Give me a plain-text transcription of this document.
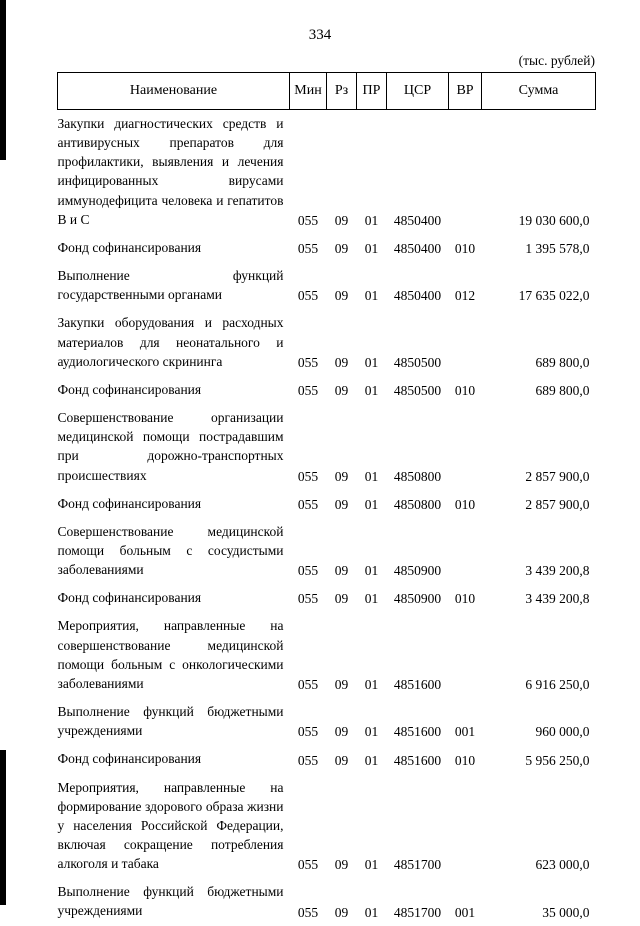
334
(тыс. рублей)
Наименование	Мин	Рз	ПР	ЦСР	ВР	Сумма
Закупки диагностических средств и антивирусных препаратов для профилактики, выявления и лечения инфицированных вирусами иммунодефицита человека и гепатитов В и С	055	09	01	4850400		19 030 600,0
Фонд софинансирования	055	09	01	4850400	010	1 395 578,0
Выполнение функций государственными органами	055	09	01	4850400	012	17 635 022,0
Закупки оборудования и расходных материалов для неонатального и аудиологического скрининга	055	09	01	4850500		689 800,0
Фонд софинансирования	055	09	01	4850500	010	689 800,0
Совершенствование организации медицинской помощи пострадавшим при дорожно-транспортных происшествиях	055	09	01	4850800		2 857 900,0
Фонд софинансирования	055	09	01	4850800	010	2 857 900,0
Совершенствование медицинской помощи больным с сосудистыми заболеваниями	055	09	01	4850900		3 439 200,8
Фонд софинансирования	055	09	01	4850900	010	3 439 200,8
Мероприятия, направленные на совершенствование медицинской помощи больным с онкологическими заболеваниями	055	09	01	4851600		6 916 250,0
Выполнение функций бюджетными учреждениями	055	09	01	4851600	001	960 000,0
Фонд софинансирования	055	09	01	4851600	010	5 956 250,0
Мероприятия, направленные на формирование здорового образа жизни у населения Российской Федерации, включая сокращение потребления алкоголя и табака	055	09	01	4851700		623 000,0
Выполнение функций бюджетными учреждениями	055	09	01	4851700	001	35 000,0
